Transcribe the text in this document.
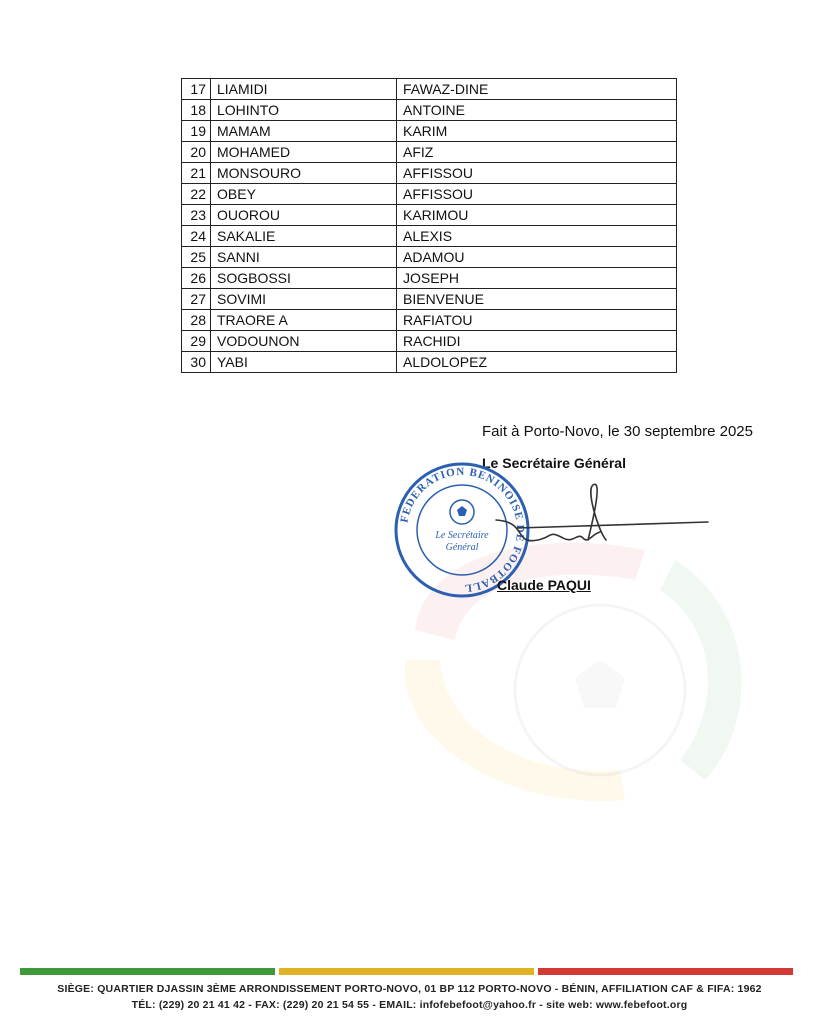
17	LIAMIDI	FAWAZ-DINE
18	LOHINTO	ANTOINE
19	MAMAM	KARIM
20	MOHAMED	AFIZ
21	MONSOURO	AFFISSOU
22	OBEY	AFFISSOU
23	OUOROU	KARIMOU
24	SAKALIE	ALEXIS
25	SANNI	ADAMOU
26	SOGBOSSI	JOSEPH
27	SOVIMI	BIENVENUE
28	TRAORE A	RAFIATOU
29	VODOUNON	RACHIDI
30	YABI	ALDOLOPEZ
Fait à Porto-Novo, le 30 septembre 2025
Le Secrétaire Général
FEDERATION BENINOISE DE FOOTBALL
Le Secrétaire
Général
Claude PAQUI
SIÈGE: QUARTIER DJASSIN 3ÈME ARRONDISSEMENT PORTO-NOVO, 01 BP 112 PORTO-NOVO - BÉNIN, AFFILIATION CAF & FIFA: 1962
TÉL: (229) 20 21 41 42 - FAX: (229) 20 21 54 55 - EMAIL: infofebefoot@yahoo.fr - site web: www.febefoot.org
